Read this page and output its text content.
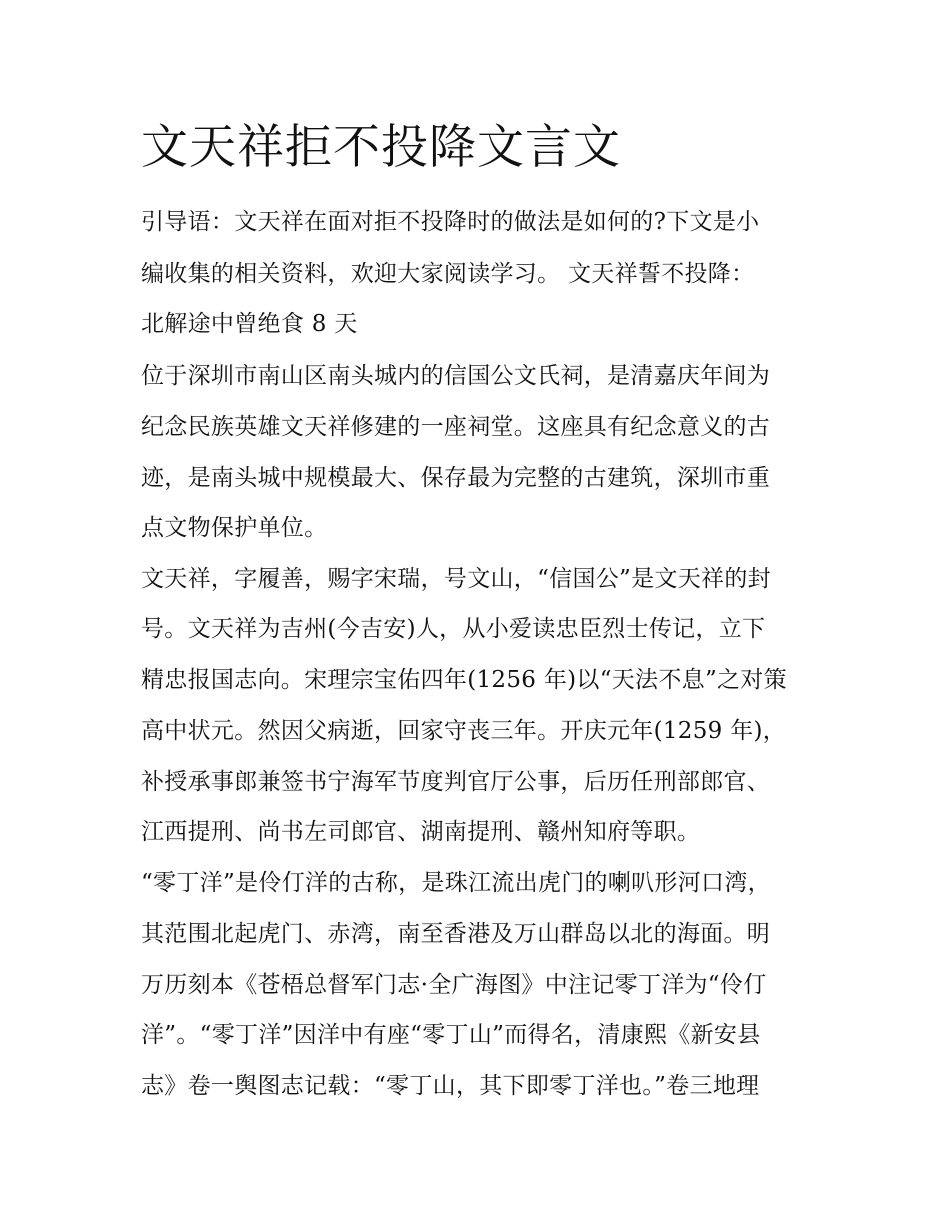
文天祥拒不投降文言文

引导语：文天祥在面对拒不投降时的做法是如何的?下文是小

编收集的相关资料，欢迎大家阅读学习。 文天祥誓不投降：

北解途中曾绝食 8 天

位于深圳市南山区南头城内的信国公文氏祠，是清嘉庆年间为

纪念民族英雄文天祥修建的一座祠堂。这座具有纪念意义的古

迹，是南头城中规模最大、保存最为完整的古建筑，深圳市重

点文物保护单位。

文天祥，字履善，赐字宋瑞，号文山，“信国公”是文天祥的封

号。文天祥为吉州(今吉安)人，从小爱读忠臣烈士传记，立下

精忠报国志向。宋理宗宝佑四年(1256 年)以“天法不息”之对策

高中状元。然因父病逝，回家守丧三年。开庆元年(1259 年)，

补授承事郎兼签书宁海军节度判官厅公事，后历任刑部郎官、

江西提刑、尚书左司郎官、湖南提刑、赣州知府等职。

“零丁洋”是伶仃洋的古称，是珠江流出虎门的喇叭形河口湾，

其范围北起虎门、赤湾，南至香港及万山群岛以北的海面。明

万历刻本《苍梧总督军门志·全广海图》中注记零丁洋为“伶仃

洋”。“零丁洋”因洋中有座“零丁山”而得名，清康熙《新安县

志》卷一舆图志记载：“零丁山，其下即零丁洋也。”卷三地理
